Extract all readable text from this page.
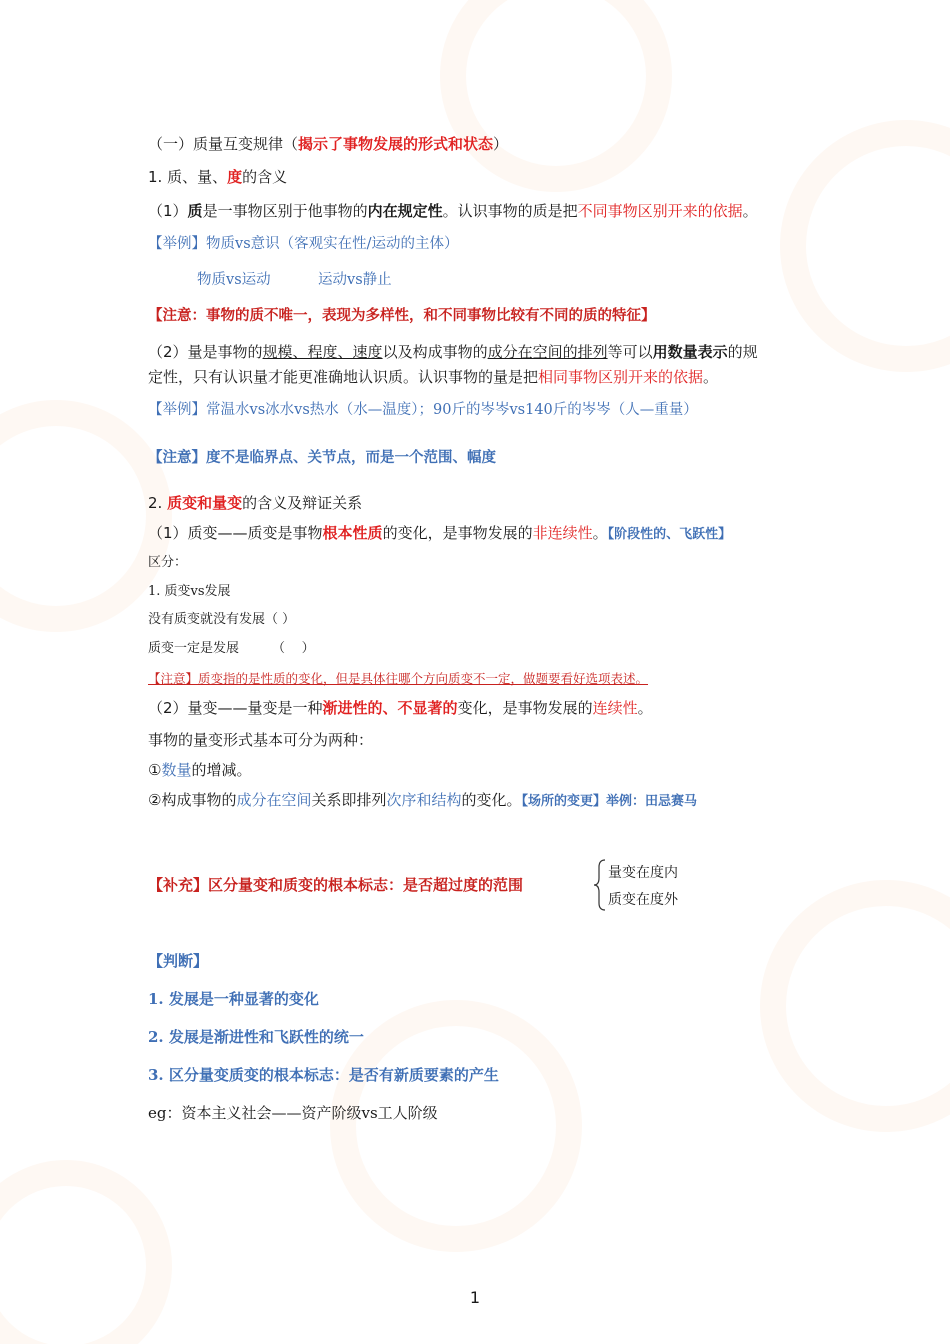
（一）质量互变规律（揭示了事物发展的形式和状态）
1. 质、量、度的含义
（1）质是一事物区别于他事物的内在规定性。认识事物的质是把不同事物区别开来的依据。
【举例】物质vs意识（客观实在性/运动的主体）
物质vs运动	运动vs静止
【注意：事物的质不唯一，表现为多样性，和不同事物比较有不同的质的特征】
（2）量是事物的规模、程度、速度以及构成事物的成分在空间的排列等可以用数量表示的规
定性，只有认识量才能更准确地认识质。认识事物的量是把相同事物区别开来的依据。
【举例】常温水vs冰水vs热水（水—温度）；90斤的岑岑vs140斤的岑岑（人—重量）
【注意】度不是临界点、关节点，而是一个范围、幅度
2. 质变和量变的含义及辩证关系
（1）质变——质变是事物根本性质的变化，是事物发展的非连续性。【阶段性的、飞跃性】
区分：
1. 质变vs发展
没有质变就没有发展（ ）
质变一定是发展        （    ）
【注意】质变指的是性质的变化，但是具体往哪个方向质变不一定，做题要看好选项表述。
（2）量变——量变是一种渐进性的、不显著的变化，是事物发展的连续性。
事物的量变形式基本可分为两种：
①数量的增减。
②构成事物的成分在空间关系即排列次序和结构的变化。【场所的变更】举例：田忌赛马
【补充】区分量变和质变的根本标志：是否超过度的范围
量变在度内
质变在度外
【判断】
1. 发展是一种显著的变化
2. 发展是渐进性和飞跃性的统一
3. 区分量变质变的根本标志：是否有新质要素的产生
eg：资本主义社会——资产阶级vs工人阶级
1
